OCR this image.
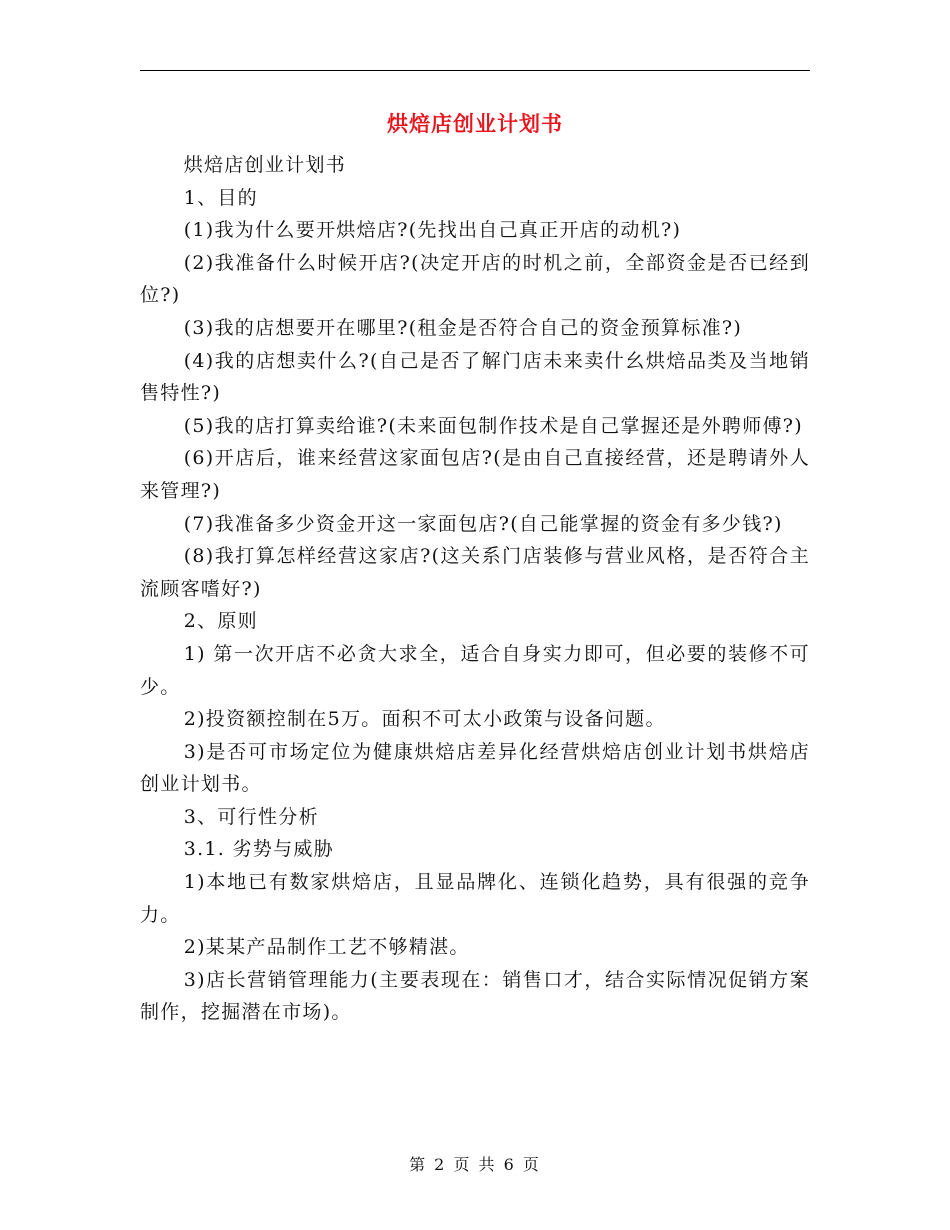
烘焙店创业计划书

烘焙店创业计划书

1、目的

(1)我为什么要开烘焙店?(先找出自己真正开店的动机?)

(2)我准备什么时候开店?(决定开店的时机之前，全部资金是否已经到位?)

(3)我的店想要开在哪里?(租金是否符合自己的资金预算标准?)

(4)我的店想卖什么?(自己是否了解门店未来卖什幺烘焙品类及当地销售特性?)

(5)我的店打算卖给谁?(未来面包制作技术是自己掌握还是外聘师傅?)

(6)开店后，谁来经营这家面包店?(是由自己直接经营，还是聘请外人来管理?)

(7)我准备多少资金开这一家面包店?(自己能掌握的资金有多少钱?)

(8)我打算怎样经营这家店?(这关系门店装修与营业风格，是否符合主流顾客嗜好?)

2、原则

1) 第一次开店不必贪大求全，适合自身实力即可，但必要的装修不可少。

2)投资额控制在5万。面积不可太小政策与设备问题。

3)是否可市场定位为健康烘焙店差异化经营烘焙店创业计划书烘焙店创业计划书。

3、可行性分析

3.1. 劣势与威胁

1)本地已有数家烘焙店，且显品牌化、连锁化趋势，具有很强的竞争力。

2)某某产品制作工艺不够精湛。

3)店长营销管理能力(主要表现在：销售口才，结合实际情况促销方案制作，挖掘潜在市场)。

第 2 页 共 6 页
